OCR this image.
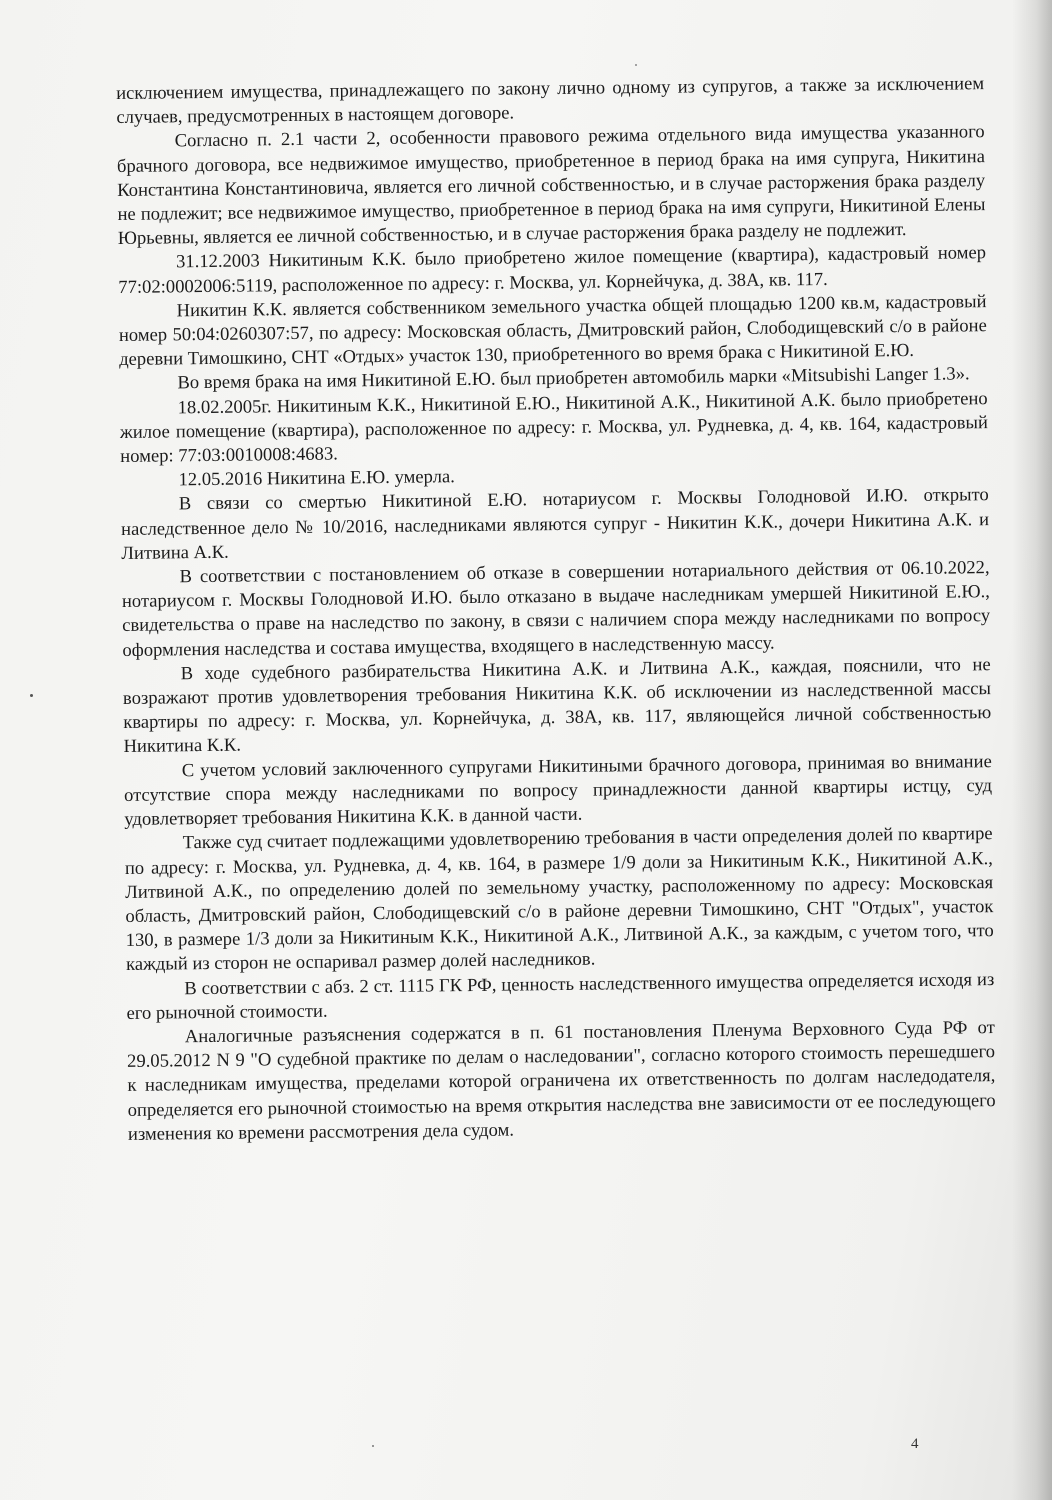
исключением имущества, принадлежащего по закону лично одному из супругов, а также за исключением случаев, предусмотренных в настоящем договоре.

Согласно п. 2.1 части 2, особенности правового режима отдельного вида имущества указанного брачного договора, все недвижимое имущество, приобретенное в период брака на имя супруга, Никитина Константина Константиновича, является его личной собственностью, и в случае расторжения брака разделу не подлежит; все недвижимое имущество, приобретенное в период брака на имя супруги, Никитиной Елены Юрьевны, является ее личной собственностью, и в случае расторжения брака разделу не подлежит.

31.12.2003 Никитиным К.К. было приобретено жилое помещение (квартира), кадастровый номер 77:02:0002006:5119, расположенное по адресу: г. Москва, ул. Корнейчука, д. 38А, кв. 117.

Никитин К.К. является собственником земельного участка общей площадью 1200 кв.м, кадастровый номер 50:04:0260307:57, по адресу: Московская область, Дмитровский район, Слободищевский с/о в районе деревни Тимошкино, СНТ «Отдых» участок 130, приобретенного во время брака с Никитиной Е.Ю.

Во время брака на имя Никитиной Е.Ю. был приобретен автомобиль марки «Mitsubishi Langer 1.3».

18.02.2005г. Никитиным К.К., Никитиной Е.Ю., Никитиной А.К., Никитиной А.К. было приобретено жилое помещение (квартира), расположенное по адресу: г. Москва, ул. Рудневка, д. 4, кв. 164, кадастровый номер: 77:03:0010008:4683.

12.05.2016 Никитина Е.Ю. умерла.

В связи со смертью Никитиной Е.Ю. нотариусом г. Москвы Голодновой И.Ю. открыто наследственное дело № 10/2016, наследниками являются супруг - Никитин К.К., дочери Никитина А.К. и Литвина А.К.

В соответствии с постановлением об отказе в совершении нотариального действия от 06.10.2022, нотариусом г. Москвы Голодновой И.Ю. было отказано в выдаче наследникам умершей Никитиной Е.Ю., свидетельства о праве на наследство по закону, в связи с наличием спора между наследниками по вопросу оформления наследства и состава имущества, входящего в наследственную массу.

В ходе судебного разбирательства Никитина А.К. и Литвина А.К., каждая, пояснили, что не возражают против удовлетворения требования Никитина К.К. об исключении из наследственной массы квартиры по адресу: г. Москва, ул. Корнейчука, д. 38А, кв. 117, являющейся личной собственностью Никитина К.К.

С учетом условий заключенного супругами Никитиными брачного договора, принимая во внимание отсутствие спора между наследниками по вопросу принадлежности данной квартиры истцу, суд удовлетворяет требования Никитина К.К. в данной части.

Также суд считает подлежащими удовлетворению требования в части определения долей по квартире по адресу: г. Москва, ул. Рудневка, д. 4, кв. 164, в размере 1/9 доли за Никитиным К.К., Никитиной А.К., Литвиной А.К., по определению долей по земельному участку, расположенному по адресу: Московская область, Дмитровский район, Слободищевский с/о в районе деревни Тимошкино, СНТ "Отдых", участок 130, в размере 1/3 доли за Никитиным К.К., Никитиной А.К., Литвиной А.К., за каждым, с учетом того, что каждый из сторон не оспаривал размер долей наследников.

В соответствии с абз. 2 ст. 1115 ГК РФ, ценность наследственного имущества определяется исходя из его рыночной стоимости.

Аналогичные разъяснения содержатся в п. 61 постановления Пленума Верховного Суда РФ от 29.05.2012 N 9 "О судебной практике по делам о наследовании", согласно которого стоимость перешедшего к наследникам имущества, пределами которой ограничена их ответственность по долгам наследодателя, определяется его рыночной стоимостью на время открытия наследства вне зависимости от ее последующего изменения ко времени рассмотрения дела судом.

4
